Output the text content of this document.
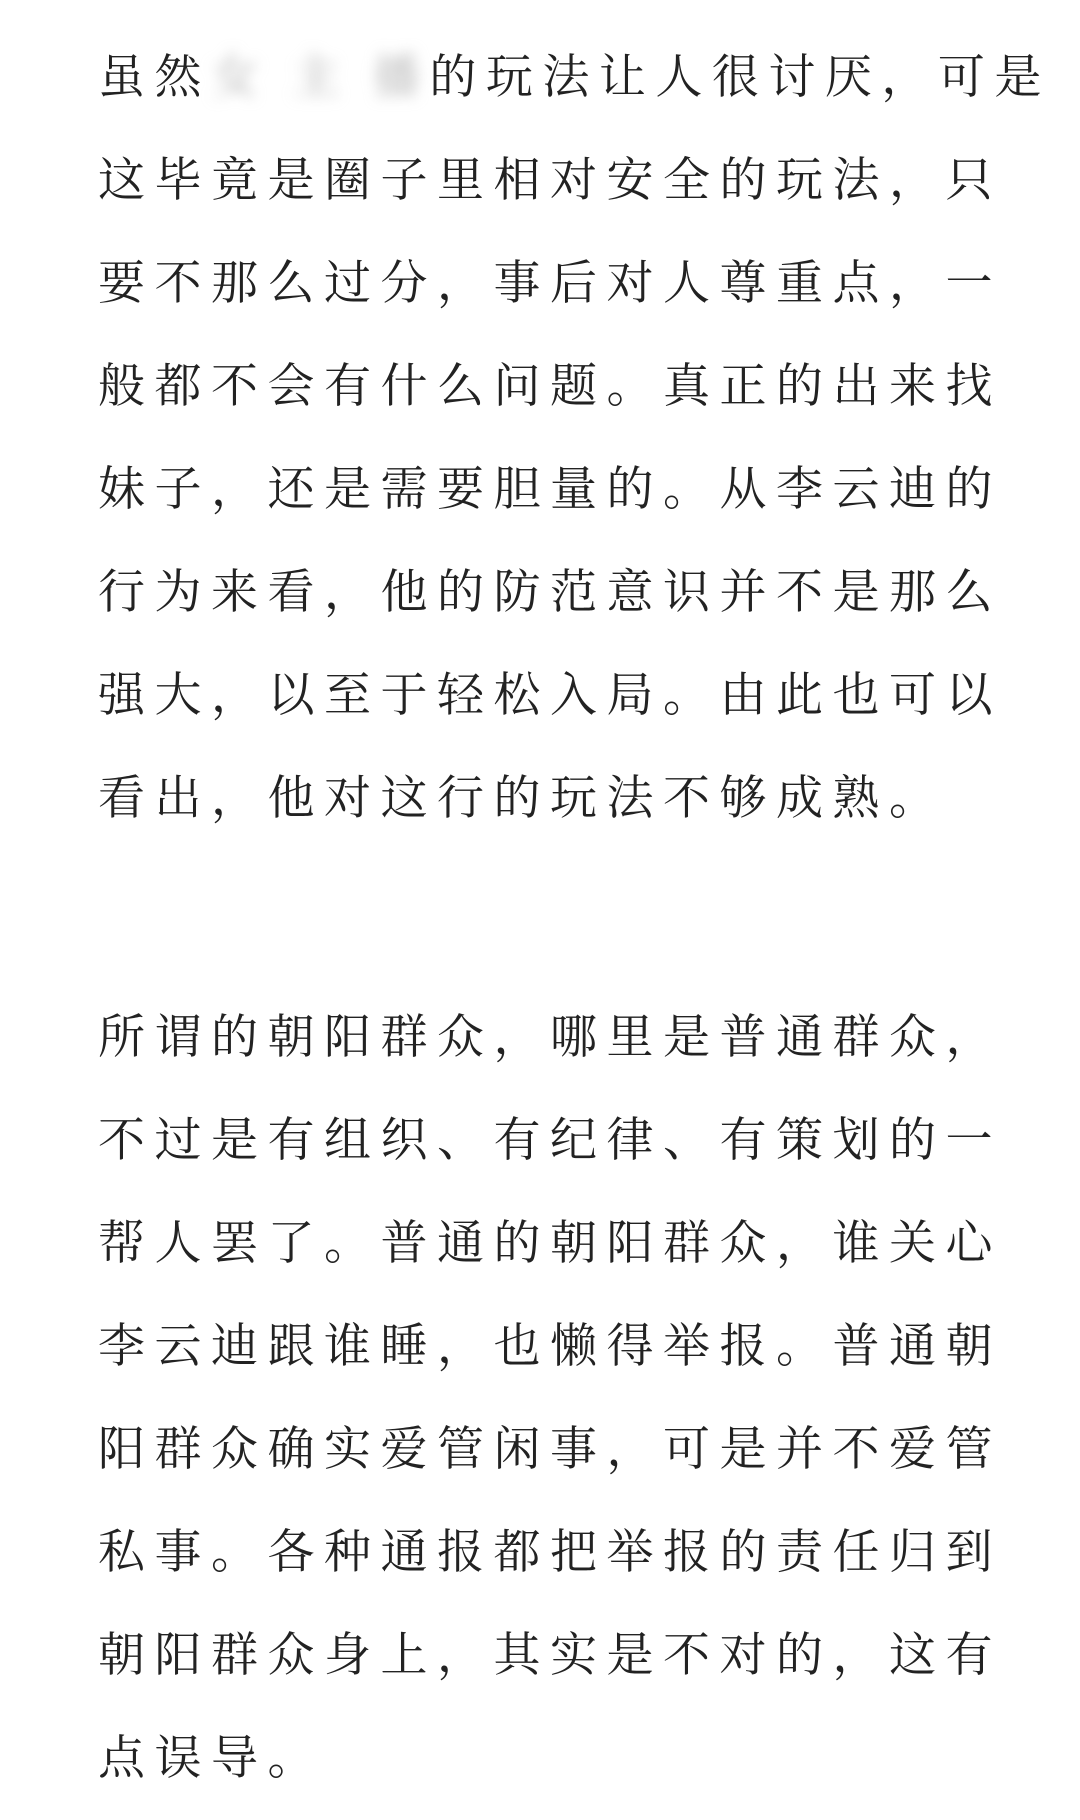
虽然女 主 播的玩法让人很讨厌，可是
这毕竟是圈子里相对安全的玩法，只
要不那么过分，事后对人尊重点，一
般都不会有什么问题。真正的出来找
妹子，还是需要胆量的。从李云迪的
行为来看，他的防范意识并不是那么
强大，以至于轻松入局。由此也可以
看出，他对这行的玩法不够成熟。
所谓的朝阳群众，哪里是普通群众，
不过是有组织、有纪律、有策划的一
帮人罢了。普通的朝阳群众，谁关心
李云迪跟谁睡，也懒得举报。普通朝
阳群众确实爱管闲事，可是并不爱管
私事。各种通报都把举报的责任归到
朝阳群众身上，其实是不对的，这有
点误导。
